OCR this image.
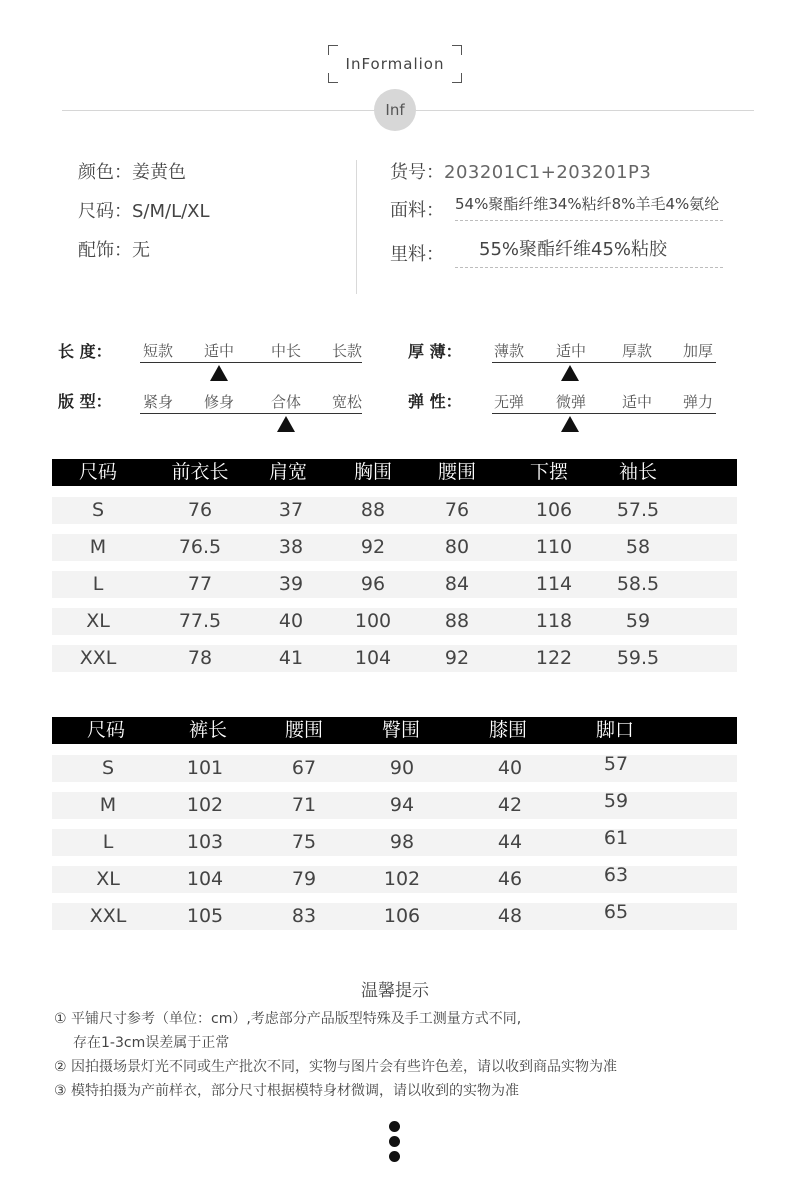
InFormalion
Inf
颜色：姜黄色
尺码：S/M/L/XL
配饰：无
货号：203201C1+203201P3
面料： 54%聚酯纤维34%粘纤8%羊毛4%氨纶
里料： 55%聚酯纤维45%粘胶
长 度：	短款	适中	中长	长款	厚 薄：	薄款	适中	厚款	加厚
版 型：	紧身	修身	合体	宽松	弹 性：	无弹	微弹	适中	弹力
尺码	前衣长	肩宽	胸围	腰围	下摆	袖长
S	76	37	88	76	106	57.5
M	76.5	38	92	80	110	58
L	77	39	96	84	114	58.5
XL	77.5	40	100	88	118	59
XXL	78	41	104	92	122	59.5
尺码	裤长	腰围	臀围	膝围	脚口
S	101	67	90	40	57
M	102	71	94	42	59
L	103	75	98	44	61
XL	104	79	102	46	63
XXL	105	83	106	48	65
温馨提示
① 平铺尺寸参考（单位：cm）,考虑部分产品版型特殊及手工测量方式不同,
存在1-3cm误差属于正常
② 因拍摄场景灯光不同或生产批次不同，实物与图片会有些许色差，请以收到商品实物为准
③ 模特拍摄为产前样衣，部分尺寸根据模特身材微调，请以收到的实物为准
